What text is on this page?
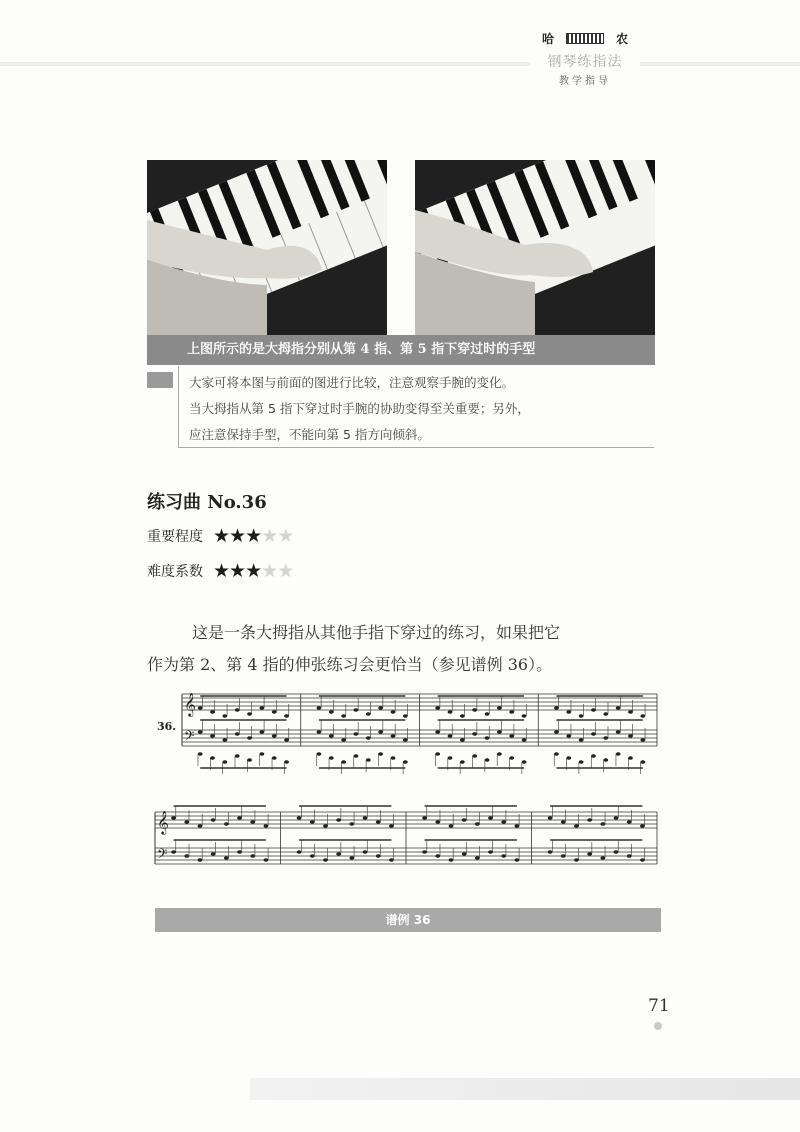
哈	农
钢琴练指法
教学指导
上图所示的是大拇指分别从第 4 指、第 5 指下穿过时的手型
大家可将本图与前面的图进行比较，注意观察手腕的变化。
当大拇指从第 5 指下穿过时手腕的协助变得至关重要；另外，
应注意保持手型，不能向第 5 指方向倾斜。
练习曲 No.36
重要程度 ★★★★★
难度系数 ★★★★★
这是一条大拇指从其他手指下穿过的练习，如果把它
作为第 2、第 4 指的伸张练习会更恰当（参见谱例 36）。
36.
𝄞
𝄢
𝄞
𝄢
谱例 36
71
